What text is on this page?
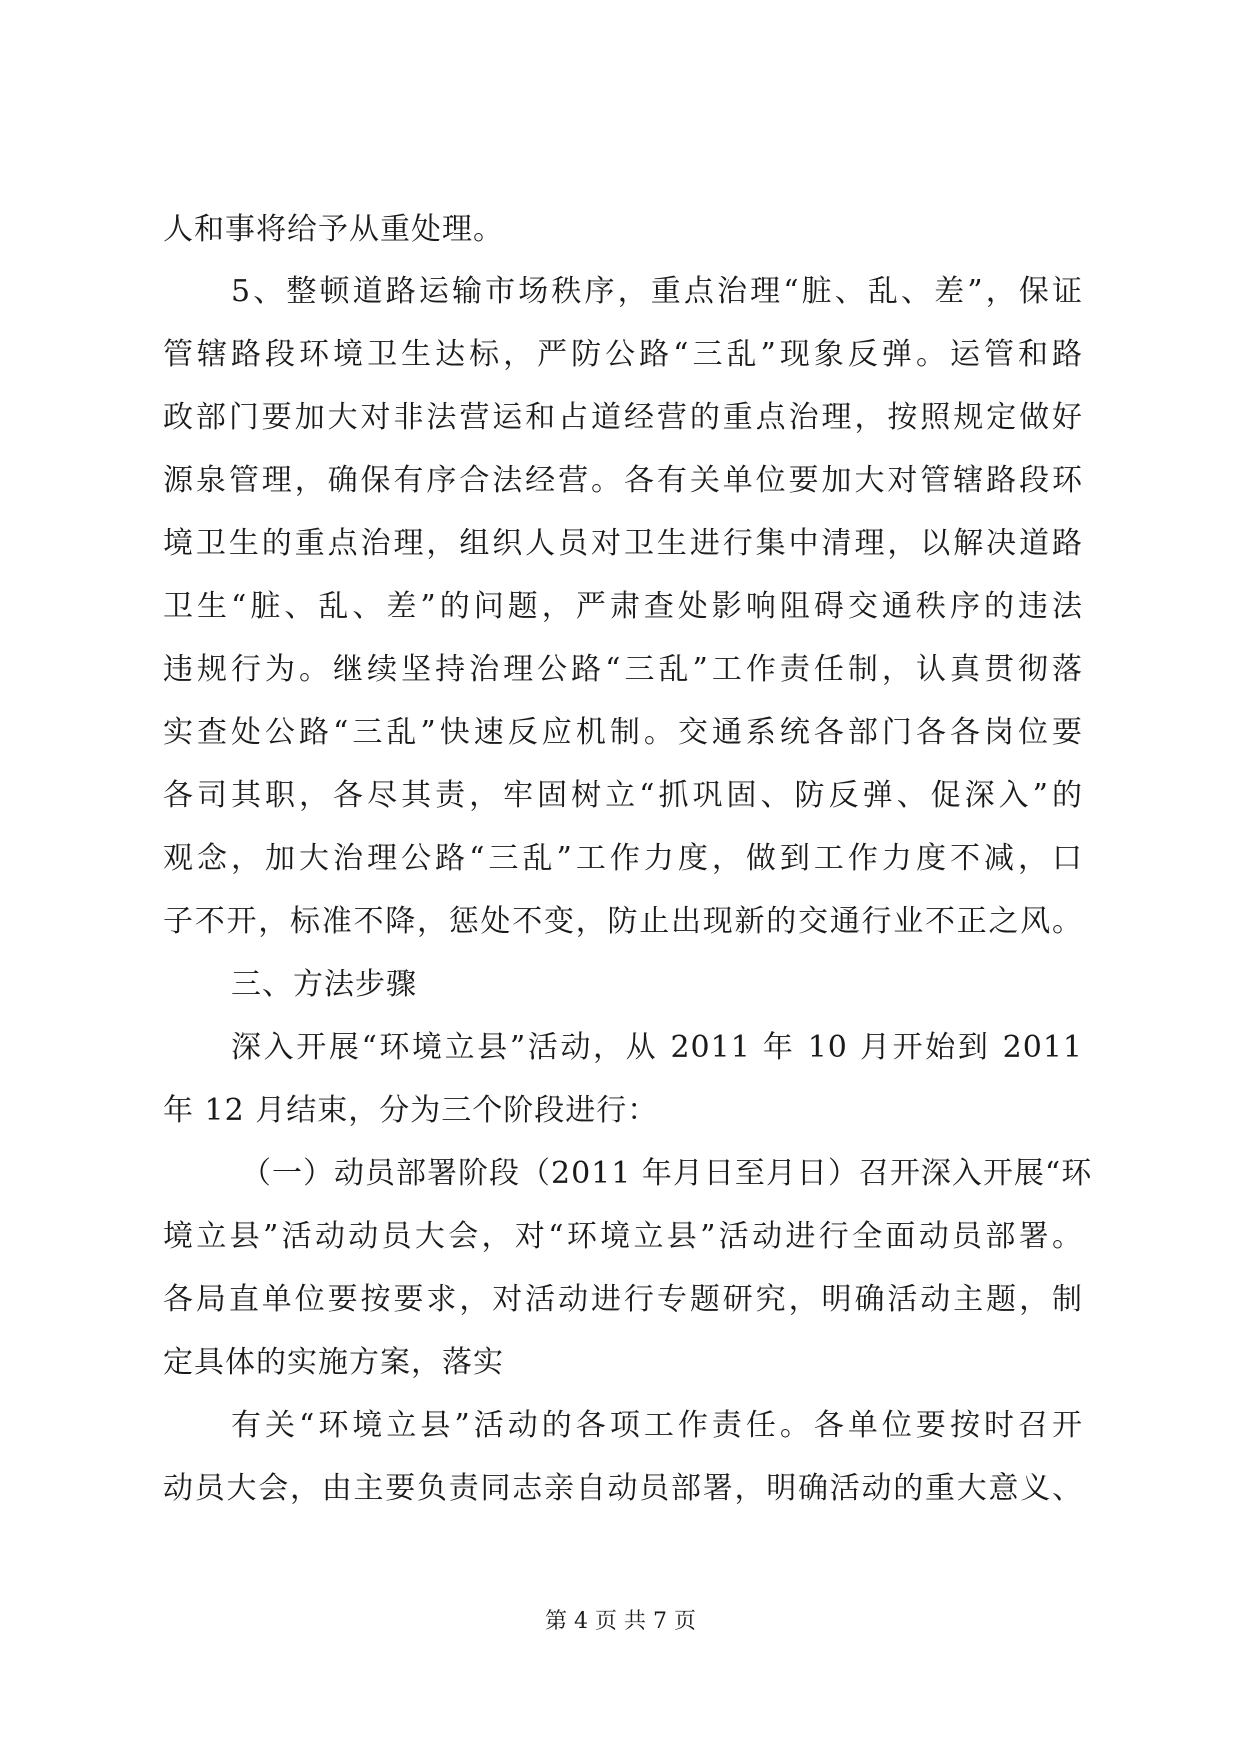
人和事将给予从重处理。
5、整顿道路运输市场秩序，重点治理“脏、乱、差”，保证
管辖路段环境卫生达标，严防公路“三乱”现象反弹。运管和路
政部门要加大对非法营运和占道经营的重点治理，按照规定做好
源泉管理，确保有序合法经营。各有关单位要加大对管辖路段环
境卫生的重点治理，组织人员对卫生进行集中清理，以解决道路
卫生“脏、乱、差”的问题，严肃查处影响阻碍交通秩序的违法
违规行为。继续坚持治理公路“三乱”工作责任制，认真贯彻落
实查处公路“三乱”快速反应机制。交通系统各部门各各岗位要
各司其职，各尽其责，牢固树立“抓巩固、防反弹、促深入”的
观念，加大治理公路“三乱”工作力度，做到工作力度不减，口
子不开，标准不降，惩处不变，防止出现新的交通行业不正之风。
三、方法步骤
深入开展“环境立县”活动，从 2011 年 10 月开始到 2011
年 12 月结束，分为三个阶段进行：
（一）动员部署阶段（2011 年月日至月日）召开深入开展“环
境立县”活动动员大会，对“环境立县”活动进行全面动员部署。
各局直单位要按要求，对活动进行专题研究，明确活动主题，制
定具体的实施方案，落实
有关“环境立县”活动的各项工作责任。各单位要按时召开
动员大会，由主要负责同志亲自动员部署，明确活动的重大意义、
第 4 页 共 7 页
